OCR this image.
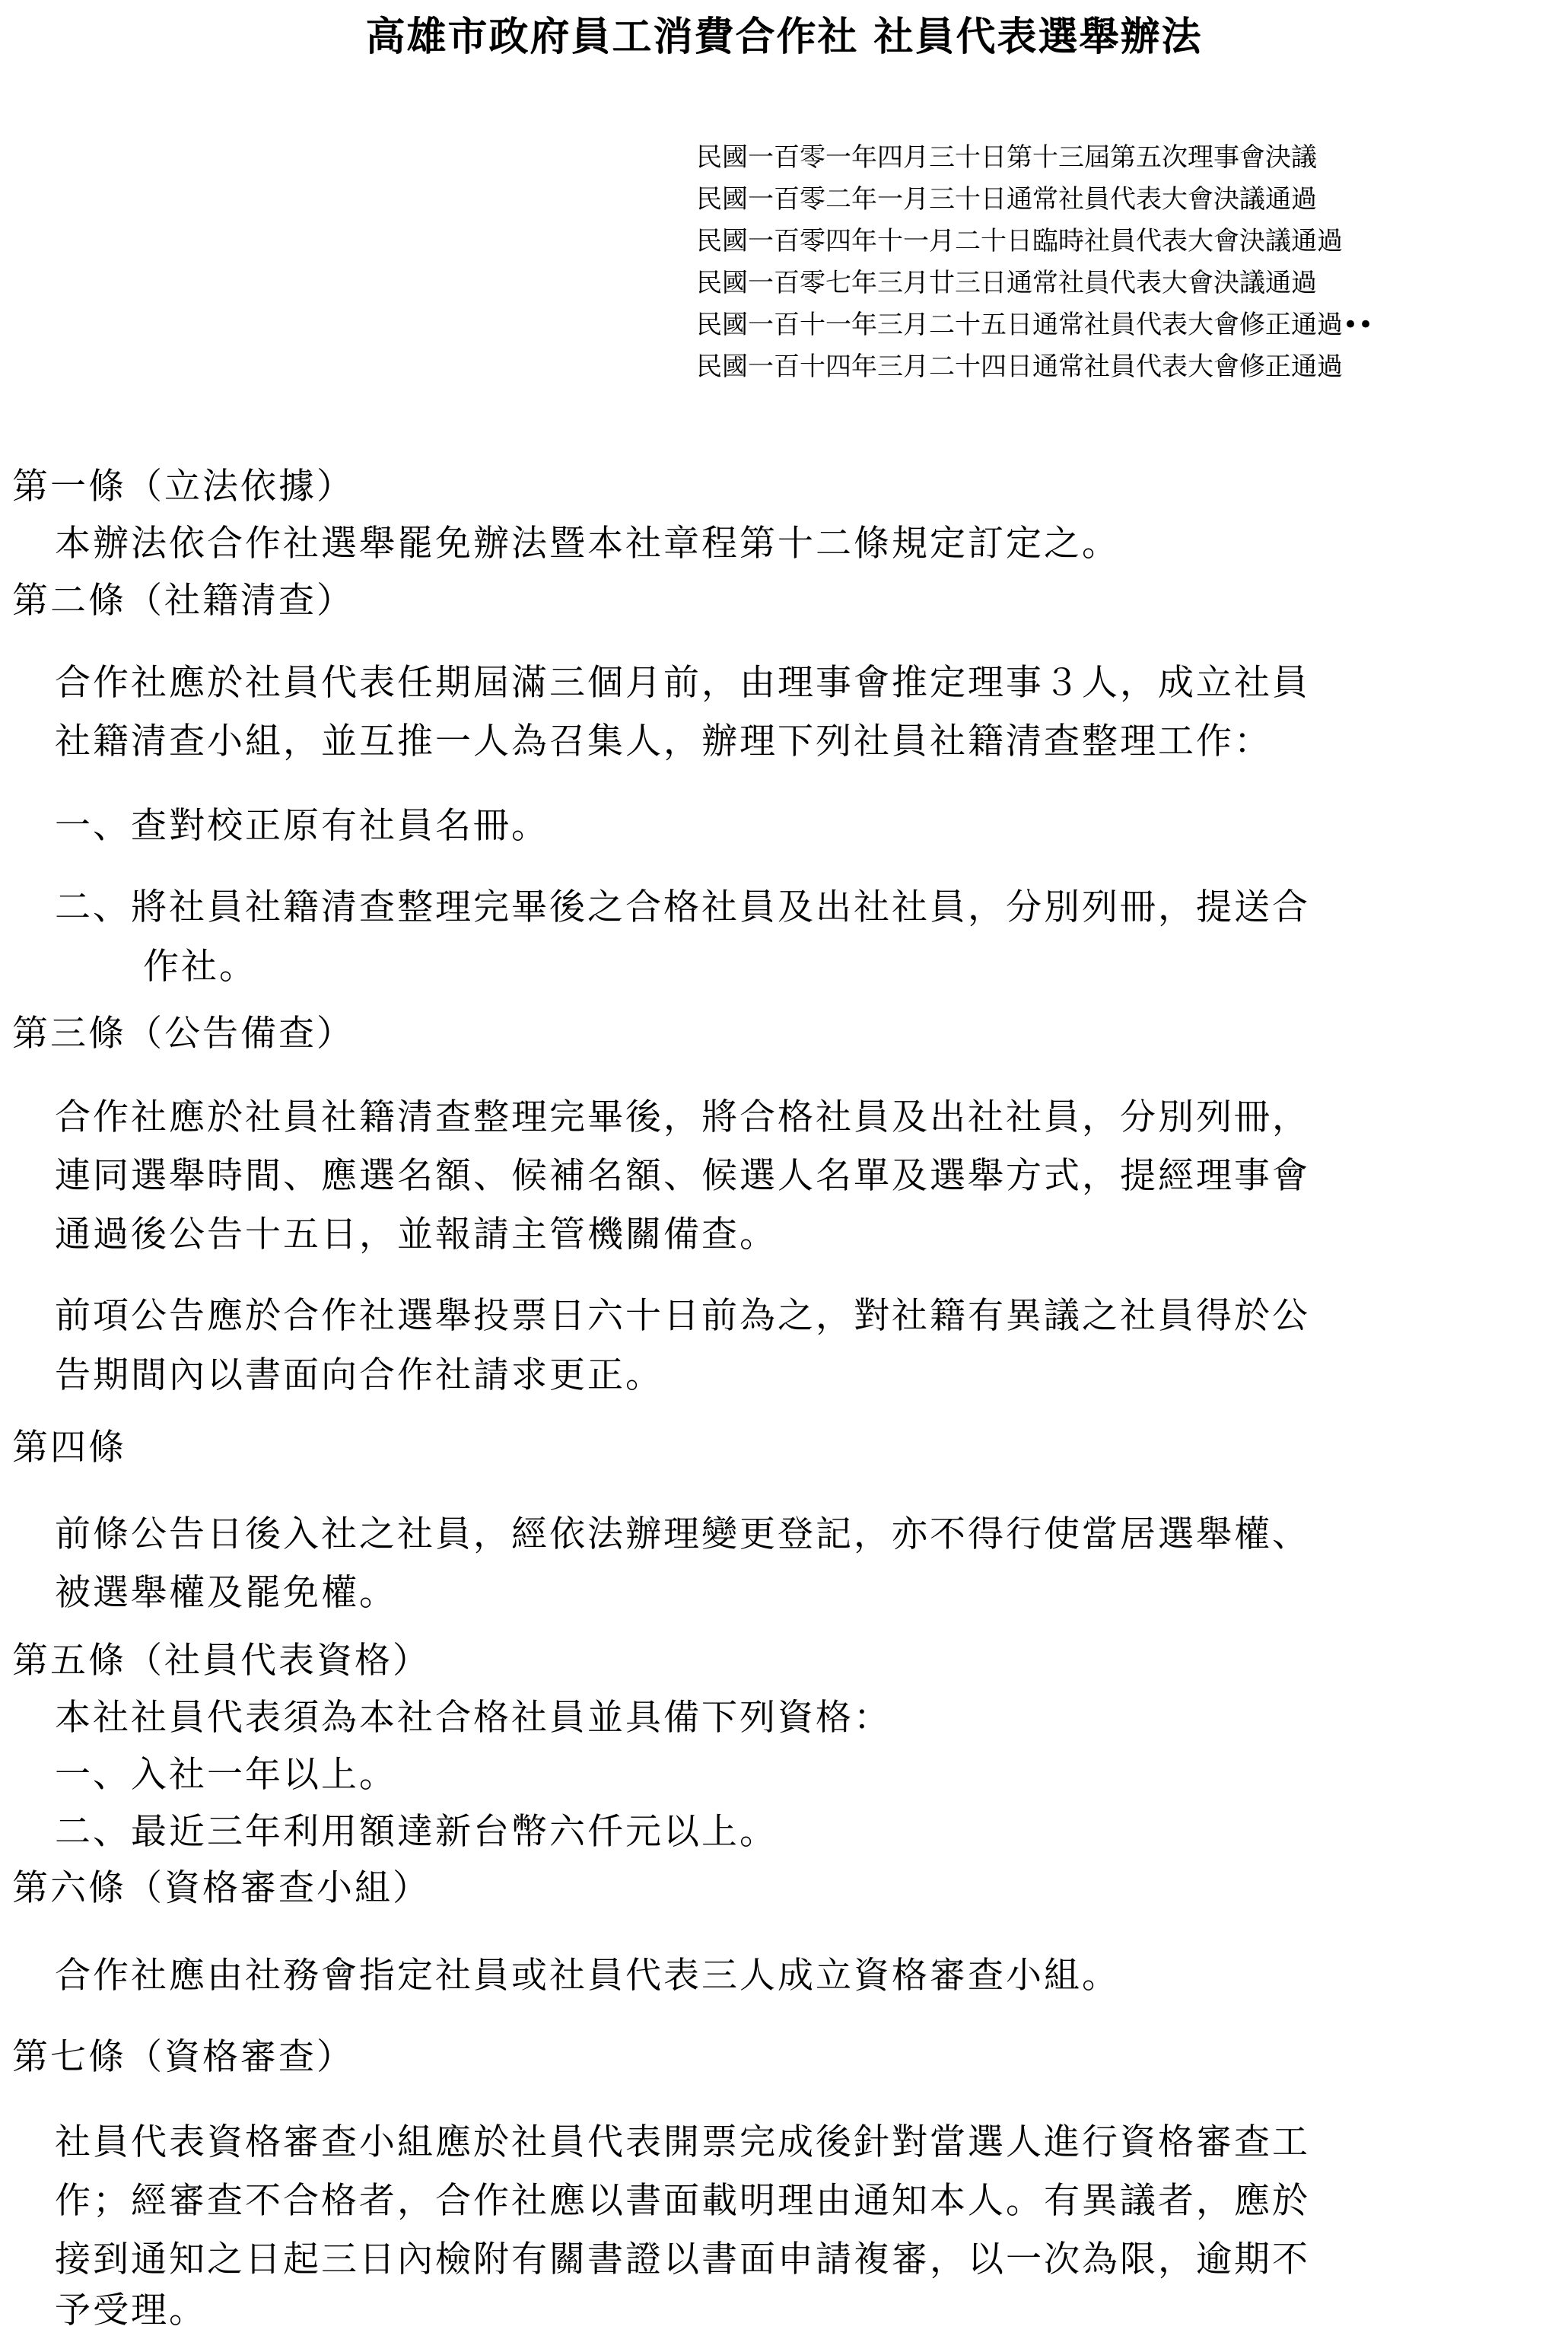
高雄市政府員工消費合作社 社員代表選舉辦法
民國一百零一年四月三十日第十三屆第五次理事會決議
民國一百零二年一月三十日通常社員代表大會決議通過
民國一百零四年十一月二十日臨時社員代表大會決議通過
民國一百零七年三月廿三日通常社員代表大會決議通過
民國一百十一年三月二十五日通常社員代表大會修正通過••
民國一百十四年三月二十四日通常社員代表大會修正通過
第一條（立法依據）
本辦法依合作社選舉罷免辦法暨本社章程第十二條規定訂定之。
第二條（社籍清查）
合作社應於社員代表任期屆滿三個月前，由理事會推定理事３人，成立社員
社籍清查小組，並互推一人為召集人，辦理下列社員社籍清查整理工作：
一、查對校正原有社員名冊。
二、將社員社籍清查整理完畢後之合格社員及出社社員，分別列冊，提送合
作社。
第三條（公告備查）
合作社應於社員社籍清查整理完畢後，將合格社員及出社社員，分別列冊，
連同選舉時間、應選名額、候補名額、候選人名單及選舉方式，提經理事會
通過後公告十五日，並報請主管機關備查。
前項公告應於合作社選舉投票日六十日前為之，對社籍有異議之社員得於公
告期間內以書面向合作社請求更正。
第四條
前條公告日後入社之社員，經依法辦理變更登記，亦不得行使當居選舉權、
被選舉權及罷免權。
第五條（社員代表資格）
本社社員代表須為本社合格社員並具備下列資格：
一、入社一年以上。
二、最近三年利用額達新台幣六仟元以上。
第六條（資格審查小組）
合作社應由社務會指定社員或社員代表三人成立資格審查小組。
第七條（資格審查）
社員代表資格審查小組應於社員代表開票完成後針對當選人進行資格審查工
作；經審查不合格者，合作社應以書面載明理由通知本人。有異議者，應於
接到通知之日起三日內檢附有關書證以書面申請複審，以一次為限，逾期不
予受理。
